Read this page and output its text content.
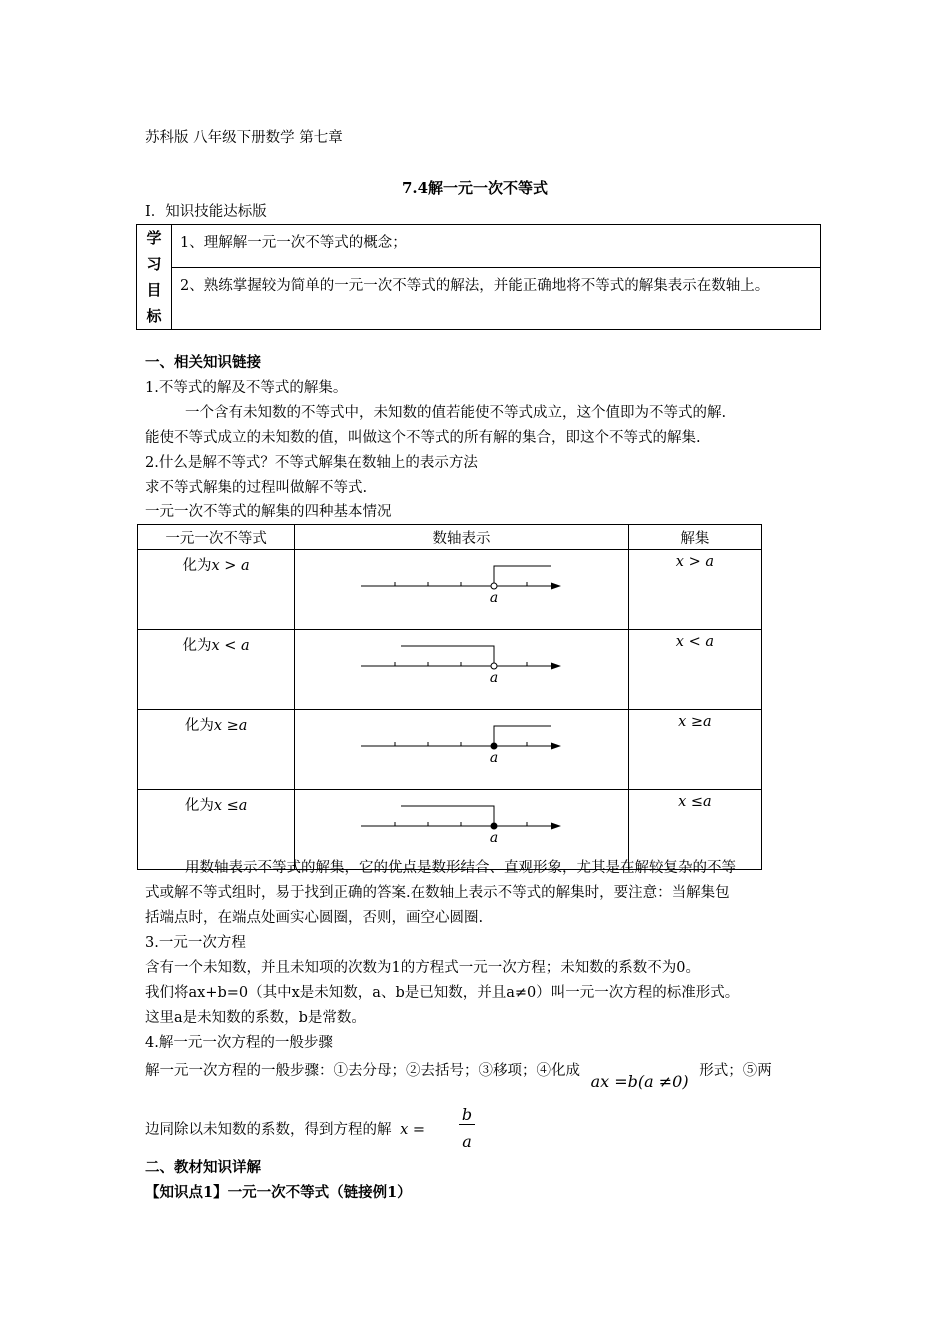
苏科版 八年级下册数学 第七章
7.4解一元一次不等式
I．知识技能达标版
学
习
目
标
	1、理解解一元一次不等式的概念；
2、熟练掌握较为简单的一元一次不等式的解法，并能正确地将不等式的解集表示在数轴上。
一、相关知识链接
1.不等式的解及不等式的解集。
一个含有未知数的不等式中，未知数的值若能使不等式成立，这个值即为不等式的解.
能使不等式成立的未知数的值，叫做这个不等式的所有解的集合，即这个不等式的解集.
2.什么是解不等式？不等式解集在数轴上的表示方法
求不等式解集的过程叫做解不等式.
一元一次不等式的解集的四种基本情况
一元一次不等式	数轴表示	解集
化为x > a	a	x > a
化为x < a	a	x < a
化为x ≥a	a	x ≥a
化为x ≤a	a	x ≤a
用数轴表示不等式的解集，它的优点是数形结合、直观形象，尤其是在解较复杂的不等
式或解不等式组时，易于找到正确的答案.在数轴上表示不等式的解集时，要注意：当解集包
括端点时，在端点处画实心圆圈，否则，画空心圆圈.
3.一元一次方程
含有一个未知数，并且未知项的次数为1的方程式一元一次方程；未知数的系数不为0。
我们将ax+b=0（其中x是未知数，a、b是已知数，并且a≠0）叫一元一次方程的标准形式。
这里a是未知数的系数，b是常数。
4.解一元一次方程的一般步骤
解一元一次方程的一般步骤：①去分母；②去括号；③移项；④化成 ax =b(a ≠0) 形式；⑤两
边同除以未知数的系数，得到方程的解 $x = \frac{b}{a}$
二、教材知识详解
【知识点1】一元一次不等式（链接例1）
